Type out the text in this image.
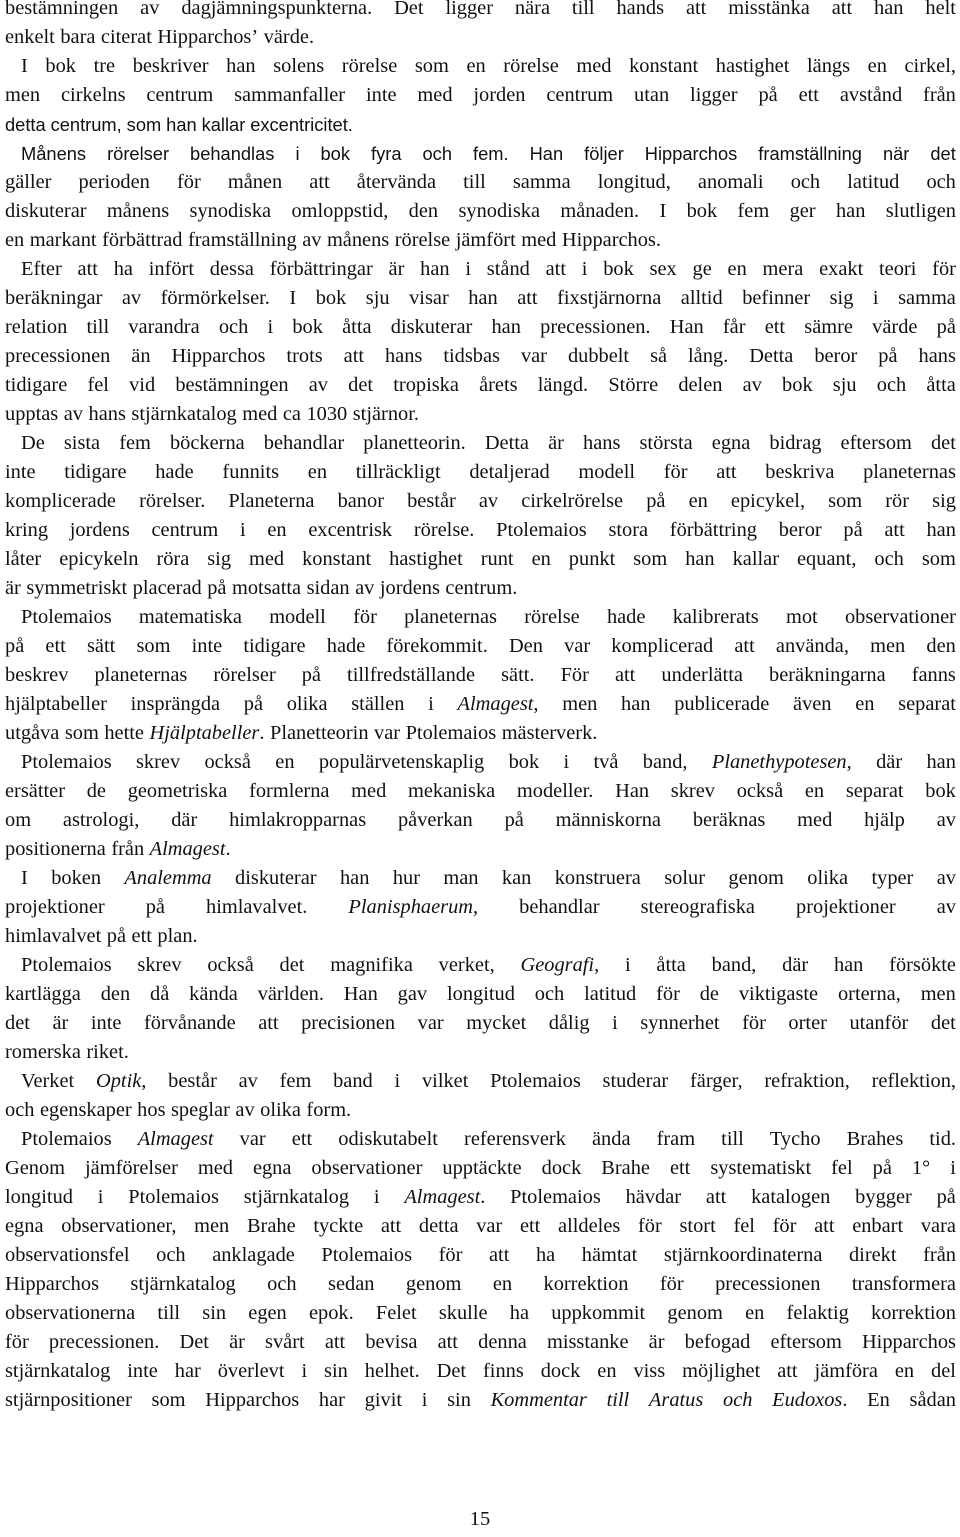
bestämningen av dagjämningspunkterna. Det ligger nära till hands att misstänka att han helt
enkelt bara citerat Hipparchos’ värde.
I bok tre beskriver han solens rörelse som en rörelse med konstant hastighet längs en cirkel,
men cirkelns centrum sammanfaller inte med jorden centrum utan ligger på ett avstånd från
detta centrum, som han kallar excentricitet.
Månens rörelser behandlas i bok fyra och fem. Han följer Hipparchos framställning när det
gäller perioden för månen att återvända till samma longitud, anomali och latitud och
diskuterar månens synodiska omloppstid, den synodiska månaden. I bok fem ger han slutligen
en markant förbättrad framställning av månens rörelse jämfört med Hipparchos.
Efter att ha infört dessa förbättringar är han i stånd att i bok sex ge en mera exakt teori för
beräkningar av förmörkelser. I bok sju visar han att fixstjärnorna alltid befinner sig i samma
relation till varandra och i bok åtta diskuterar han precessionen. Han får ett sämre värde på
precessionen än Hipparchos trots att hans tidsbas var dubbelt så lång. Detta beror på hans
tidigare fel vid bestämningen av det tropiska årets längd. Större delen av bok sju och åtta
upptas av hans stjärnkatalog med ca 1030 stjärnor.
De sista fem böckerna behandlar planetteorin. Detta är hans största egna bidrag eftersom det
inte tidigare hade funnits en tillräckligt detaljerad modell för att beskriva planeternas
komplicerade rörelser. Planeterna banor består av cirkelrörelse på en epicykel, som rör sig
kring jordens centrum i en excentrisk rörelse. Ptolemaios stora förbättring beror på att han
låter epicykeln röra sig med konstant hastighet runt en punkt som han kallar equant, och som
är symmetriskt placerad på motsatta sidan av jordens centrum.
Ptolemaios matematiska modell för planeternas rörelse hade kalibrerats mot observationer
på ett sätt som inte tidigare hade förekommit. Den var komplicerad att använda, men den
beskrev planeternas rörelser på tillfredställande sätt. För att underlätta beräkningarna fanns
hjälptabeller insprängda på olika ställen i Almagest, men han publicerade även en separat
utgåva som hette Hjälptabeller. Planetteorin var Ptolemaios mästerverk.
Ptolemaios skrev också en populärvetenskaplig bok i två band, Planethypotesen, där han
ersätter de geometriska formlerna med mekaniska modeller. Han skrev också en separat bok
om astrologi, där himlakropparnas påverkan på människorna beräknas med hjälp av
positionerna från Almagest.
I boken Analemma diskuterar han hur man kan konstruera solur genom olika typer av
projektioner på himlavalvet. Planisphaerum, behandlar stereografiska projektioner av
himlavalvet på ett plan.
Ptolemaios skrev också det magnifika verket, Geografi, i åtta band, där han försökte
kartlägga den då kända världen. Han gav longitud och latitud för de viktigaste orterna, men
det är inte förvånande att precisionen var mycket dålig i synnerhet för orter utanför det
romerska riket.
Verket Optik, består av fem band i vilket Ptolemaios studerar färger, refraktion, reflektion,
och egenskaper hos speglar av olika form.
Ptolemaios Almagest var ett odiskutabelt referensverk ända fram till Tycho Brahes tid.
Genom jämförelser med egna observationer upptäckte dock Brahe ett systematiskt fel på 1° i
longitud i Ptolemaios stjärnkatalog i Almagest. Ptolemaios hävdar att katalogen bygger på
egna observationer, men Brahe tyckte att detta var ett alldeles för stort fel för att enbart vara
observationsfel och anklagade Ptolemaios för att ha hämtat stjärnkoordinaterna direkt från
Hipparchos stjärnkatalog och sedan genom en korrektion för precessionen transformera
observationerna till sin egen epok. Felet skulle ha uppkommit genom en felaktig korrektion
för precessionen. Det är svårt att bevisa att denna misstanke är befogad eftersom Hipparchos
stjärnkatalog inte har överlevt i sin helhet. Det finns dock en viss möjlighet att jämföra en del
stjärnpositioner som Hipparchos har givit i sin Kommentar till Aratus och Eudoxos. En sådan
15
